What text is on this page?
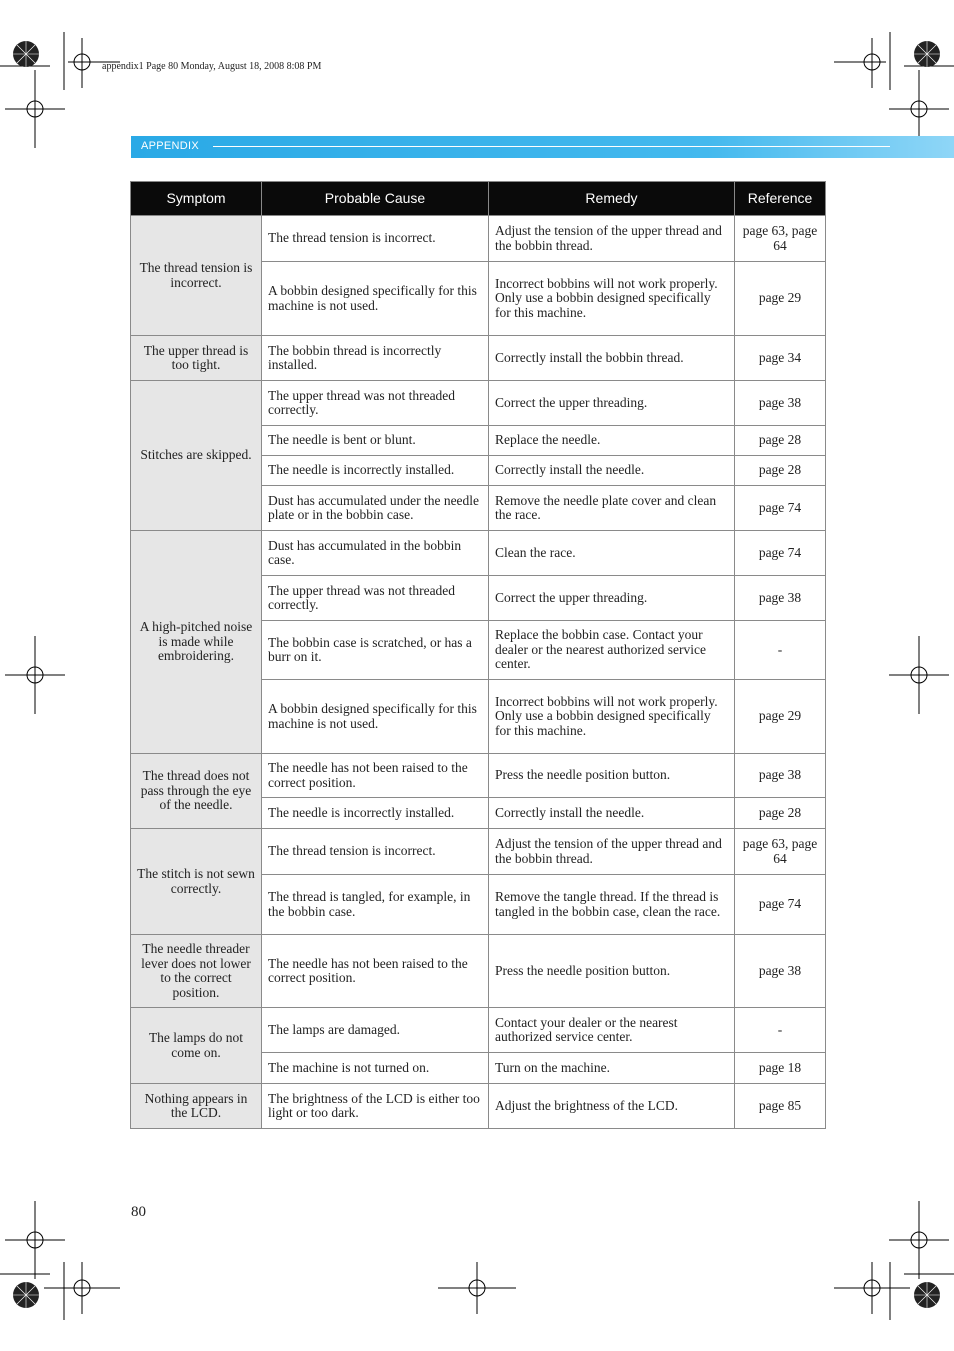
appendix1 Page 80 Monday, August 18, 2008 8:08 PM
APPENDIX
Symptom	Probable Cause	Remedy	Reference
The thread tension is incorrect.	The thread tension is incorrect.	Adjust the tension of the upper thread and the bobbin thread.	page 63, page 64
	A bobbin designed specifically for this machine is not used.	Incorrect bobbins will not work properly. Only use a bobbin designed specifically for this machine.	page 29
The upper thread is too tight.	The bobbin thread is incorrectly installed.	Correctly install the bobbin thread.	page 34
Stitches are skipped.	The upper thread was not threaded correctly.	Correct the upper threading.	page 38
	The needle is bent or blunt.	Replace the needle.	page 28
	The needle is incorrectly installed.	Correctly install the needle.	page 28
	Dust has accumulated under the needle plate or in the bobbin case.	Remove the needle plate cover and clean the race.	page 74
A high-pitched noise is made while embroidering.	Dust has accumulated in the bobbin case.	Clean the race.	page 74
	The upper thread was not threaded correctly.	Correct the upper threading.	page 38
	The bobbin case is scratched, or has a burr on it.	Replace the bobbin case. Contact your dealer or the nearest authorized service center.	-
	A bobbin designed specifically for this machine is not used.	Incorrect bobbins will not work properly. Only use a bobbin designed specifically for this machine.	page 29
The thread does not pass through the eye of the needle.	The needle has not been raised to the correct position.	Press the needle position button.	page 38
	The needle is incorrectly installed.	Correctly install the needle.	page 28
The stitch is not sewn correctly.	The thread tension is incorrect.	Adjust the tension of the upper thread and the bobbin thread.	page 63, page 64
	The thread is tangled, for example, in the bobbin case.	Remove the tangle thread. If the thread is tangled in the bobbin case, clean the race.	page 74
The needle threader lever does not lower to the correct position.	The needle has not been raised to the correct position.	Press the needle position button.	page 38
The lamps do not come on.	The lamps are damaged.	Contact your dealer or the nearest authorized service center.	-
	The machine is not turned on.	Turn on the machine.	page 18
Nothing appears in the LCD.	The brightness of the LCD is either too light or too dark.	Adjust the brightness of the LCD.	page 85
80
